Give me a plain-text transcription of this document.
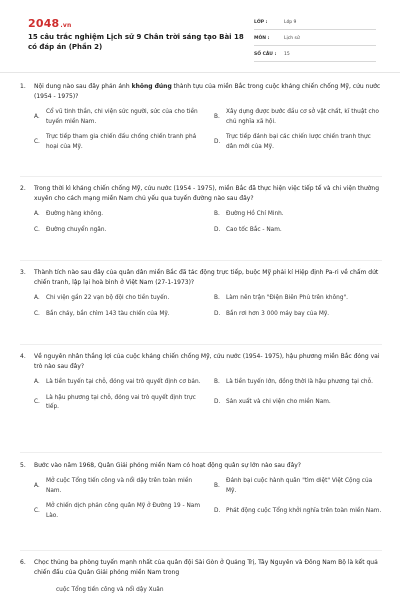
2048.vn
15 câu trắc nghiệm Lịch sử 9 Chân trời sáng tạo Bài 18 có đáp án (Phần 2)
LỚP :	Lớp 9
MÔN :	Lịch sử
SỐ CÂU :	15
1.	Nội dung nào sau đây phản ánh không đúng thành tựu của miền Bắc trong cuộc kháng chiến chống Mỹ, cứu nước (1954 - 1975)?
A.
Cổ vũ tinh thần, chi viện sức người, sức của cho tiền tuyến miền Nam.
B.
Xây dựng được bước đầu cơ sở vật chất, kĩ thuật cho chủ nghĩa xã hội.
C.
Trực tiếp tham gia chiến đấu chống chiến tranh phá hoại của Mỹ.
D.
Trực tiếp đánh bại các chiến lược chiến tranh thực dân mới của Mỹ.
2.	Trong thời kì kháng chiến chống Mỹ, cứu nước (1954 - 1975), miền Bắc đã thực hiện việc tiếp tế và chi viện thường xuyên cho cách mạng miền Nam chủ yếu qua tuyến đường nào sau đây?
A.	Đường hàng không.	B.	Đường Hồ Chí Minh.
C.	Đường chuyển ngân.	D. Cao tốc Bắc - Nam.
3.	Thành tích nào sau đây của quân dân miền Bắc đã tác động trực tiếp, buộc Mỹ phải kí Hiệp định Pa-ri về chấm dứt chiến tranh, lập lại hoà bình ở Việt Nam (27-1-1973)?
A.	Chi viện gần 22 vạn bộ đội cho tiền tuyến.	B.	Làm nên trận "Điện Biên Phủ trên không".
C.	Bắn cháy, bắn chìm 143 tàu chiến của Mỹ.	D. Bắn rơi hơn 3 000 máy bay của Mỹ.
4.	Về nguyên nhân thắng lợi của cuộc kháng chiến chống Mỹ, cứu nước (1954- 1975), hậu phương miền Bắc đóng vai trò nào sau đây?
A.	Là tiền tuyến tại chỗ, đóng vai trò quyết định cơ bản. B.	Là tiền tuyến lớn, đồng thời là hậu phương tại chỗ.
C.
Là hậu phương tại chỗ, đóng vai trò quyết định trực tiếp.
D. Sản xuất và chi viện cho miền Nam.
5.	Bước vào năm 1968, Quân Giải phóng miền Nam có hoạt động quân sự lớn nào sau đây?
A.
Mở cuộc Tổng tiến công và nổi dậy trên toàn miền Nam.
B.
Đánh bại cuộc hành quân "tìm diệt" Việt Cộng của Mỹ.
C.
Mở chiến dịch phản công quân Mỹ ở Đường 19 - Nam Lào.
D. Phát động cuộc Tổng khởi nghĩa trên toàn miền Nam.
6.	Chọc thủng ba phòng tuyến mạnh nhất của quân đội Sài Gòn ở Quảng Trị, Tây Nguyên và Đông Nam Bộ là kết quả chiến đấu của Quân Giải phóng miền Nam trong
cuộc Tổng tiến công và nổi dậy Xuân
